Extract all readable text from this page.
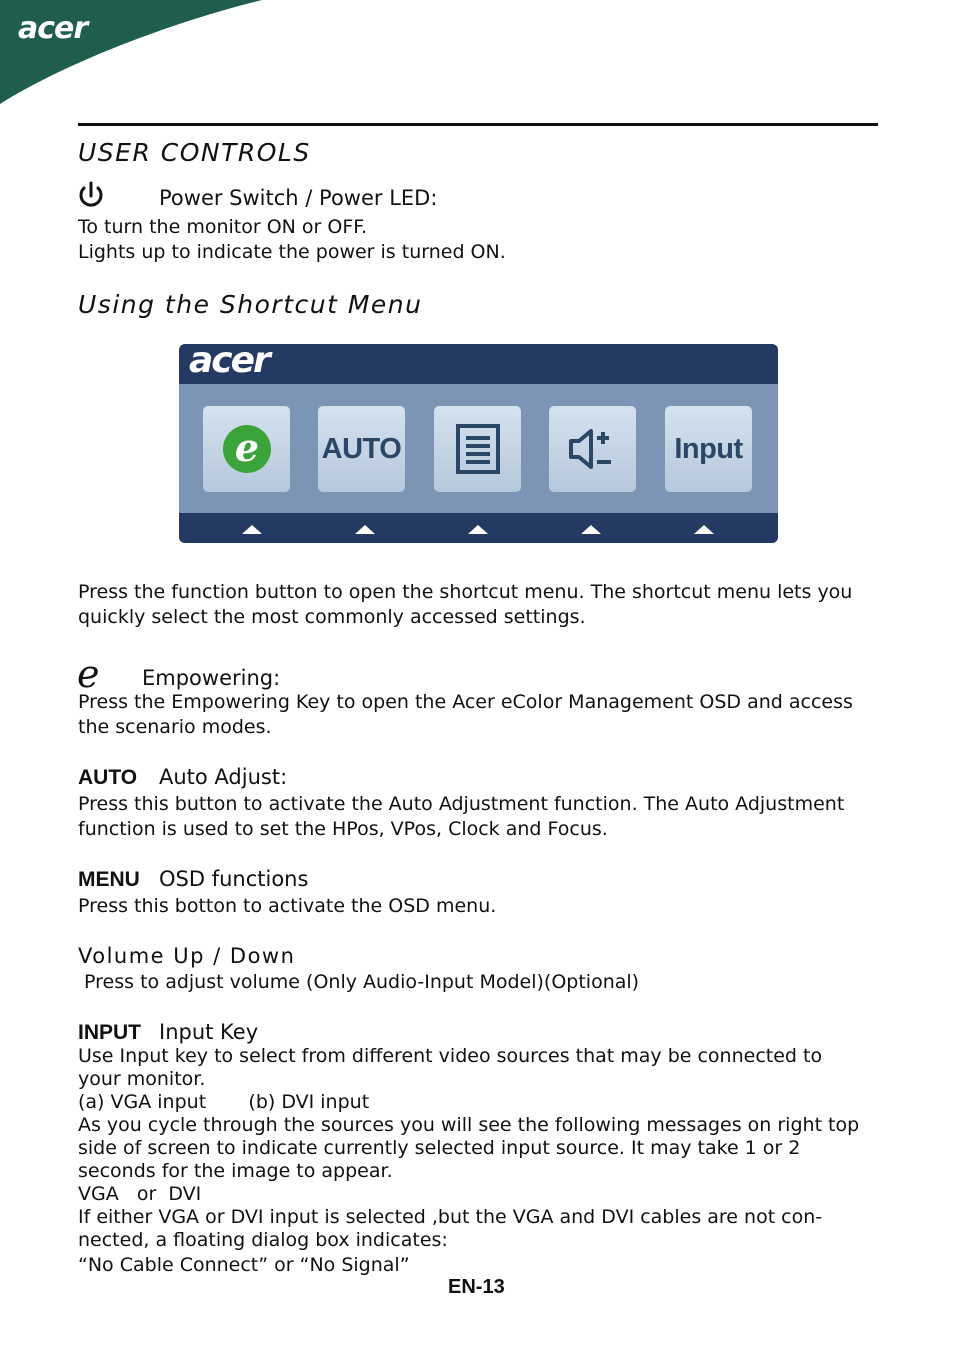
acer
USER CONTROLS
Power Switch / Power LED:
To turn the monitor ON or OFF.
Lights up to indicate the power is turned ON.
Using the Shortcut Menu
acer
e AUTO	Input
Press the function button to open the shortcut menu. The shortcut menu lets you
quickly select the most commonly accessed settings.
e Empowering:
Press the Empowering Key to open the Acer eColor Management OSD and access
the scenario modes.
AUTO Auto Adjust:
Press this button to activate the Auto Adjustment function. The Auto Adjustment
function is used to set the HPos, VPos, Clock and Focus.
MENU OSD functions
Press this botton to activate the OSD menu.
Volume Up / Down
Press to adjust volume (Only Audio-Input Model)(Optional)
INPUT Input Key
Use Input key to select from different video sources that may be connected to
your monitor.
(a) VGA input       (b) DVI input
As you cycle through the sources you will see the following messages on right top
side of screen to indicate currently selected input source. It may take 1 or 2
seconds for the image to appear.
VGA   or  DVI
If either VGA or DVI input is selected ,but the VGA and DVI cables are not con-
nected, a floating dialog box indicates:
“No Cable Connect” or “No Signal”
EN-13
